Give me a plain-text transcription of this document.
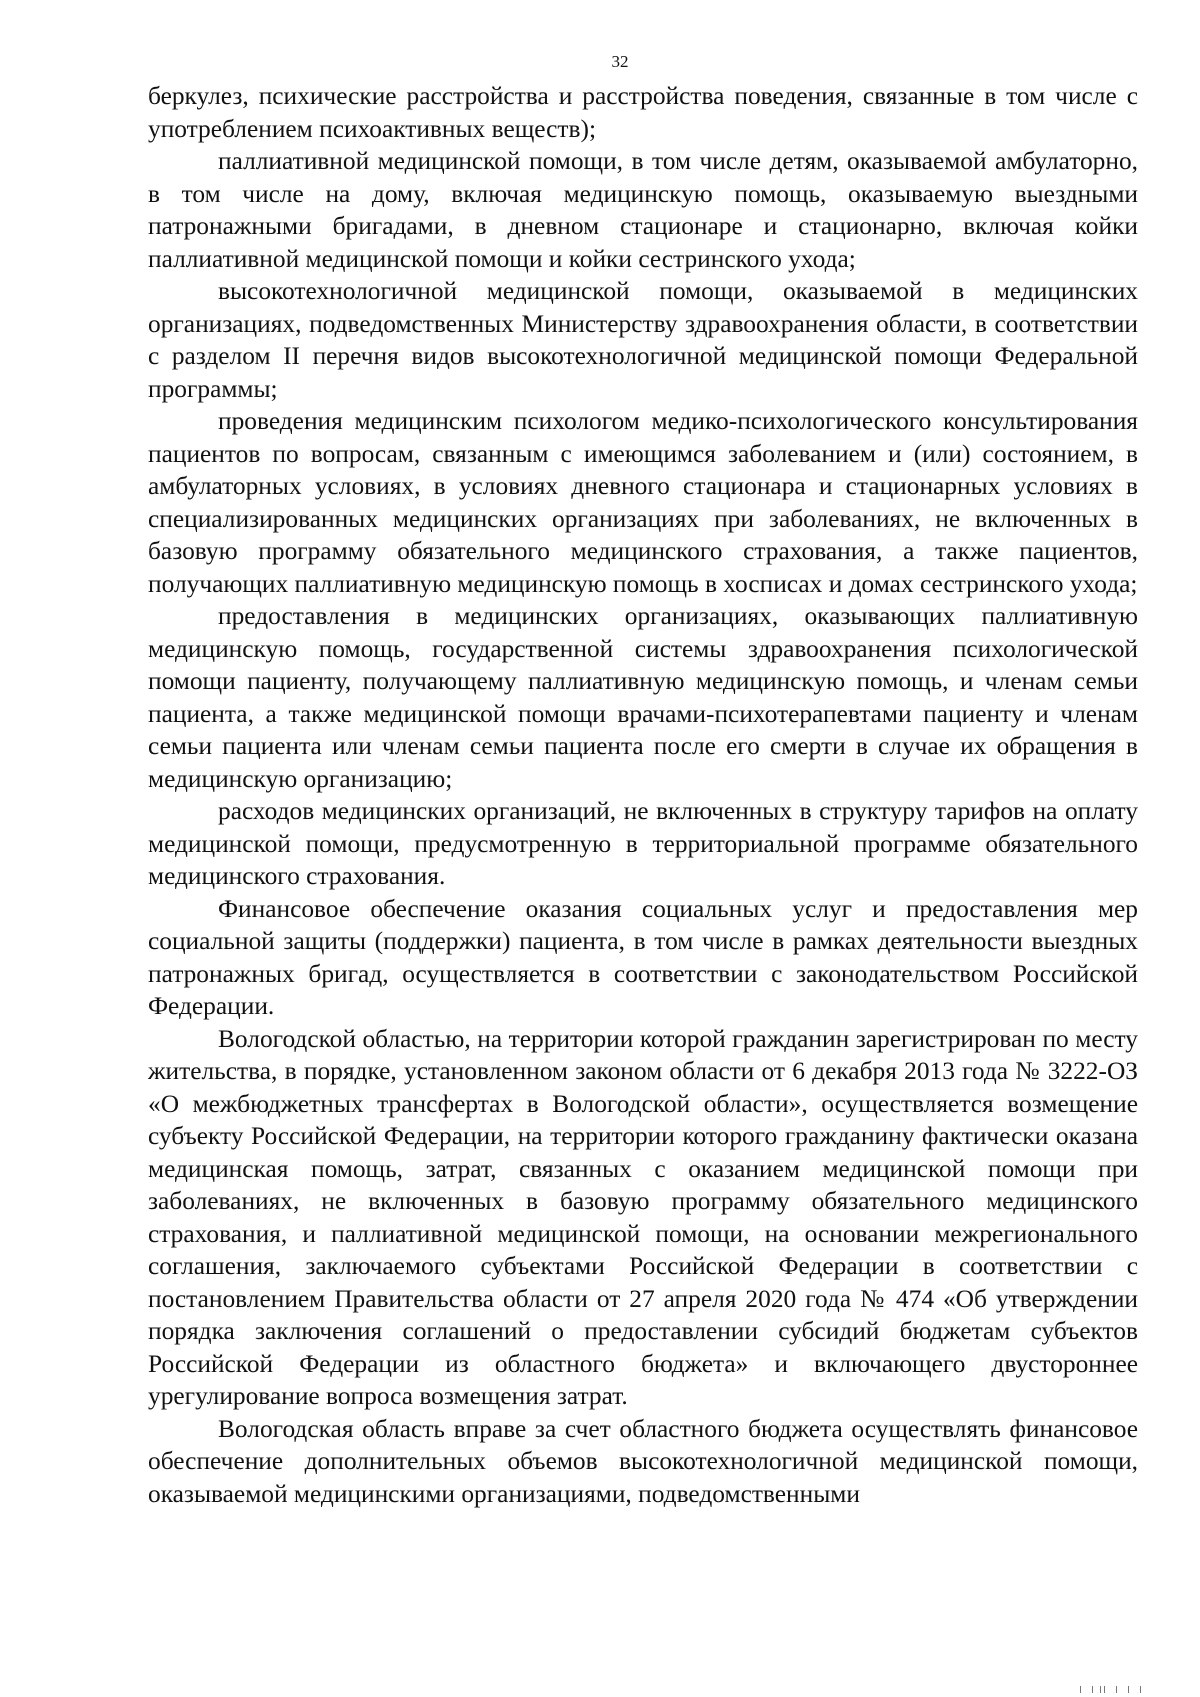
32

беркулез, психические расстройства и расстройства поведения, связанные в том числе с употреблением психоактивных веществ);

паллиативной медицинской помощи, в том числе детям, оказываемой амбулаторно, в том числе на дому, включая медицинскую помощь, оказываемую выездными патронажными бригадами, в дневном стационаре и стационарно, включая койки паллиативной медицинской помощи и койки сестринского ухода;

высокотехнологичной медицинской помощи, оказываемой в медицинских организациях, подведомственных Министерству здравоохранения области, в соответствии с разделом II перечня видов высокотехнологичной медицинской помощи Федеральной программы;

проведения медицинским психологом медико-психологического консультирования пациентов по вопросам, связанным с имеющимся заболеванием и (или) состоянием, в амбулаторных условиях, в условиях дневного стационара и стационарных условиях в специализированных медицинских организациях при заболеваниях, не включенных в базовую программу обязательного медицинского страхования, а также пациентов, получающих паллиативную медицинскую помощь в хосписах и домах сестринского ухода;

предоставления в медицинских организациях, оказывающих паллиативную медицинскую помощь, государственной системы здравоохранения психологической помощи пациенту, получающему паллиативную медицинскую помощь, и членам семьи пациента, а также медицинской помощи врачами-психотерапевтами пациенту и членам семьи пациента или членам семьи пациента после его смерти в случае их обращения в медицинскую организацию;

расходов медицинских организаций, не включенных в структуру тарифов на оплату медицинской помощи, предусмотренную в территориальной программе обязательного медицинского страхования.

Финансовое обеспечение оказания социальных услуг и предоставления мер социальной защиты (поддержки) пациента, в том числе в рамках деятельности выездных патронажных бригад, осуществляется в соответствии с законодательством Российской Федерации.

Вологодской областью, на территории которой гражданин зарегистрирован по месту жительства, в порядке, установленном законом области от 6 декабря 2013 года № 3222-ОЗ «О межбюджетных трансфертах в Вологодской области», осуществляется возмещение субъекту Российской Федерации, на территории которого гражданину фактически оказана медицинская помощь, затрат, связанных с оказанием медицинской помощи при заболеваниях, не включенных в базовую программу обязательного медицинского страхования, и паллиативной медицинской помощи, на основании межрегионального соглашения, заключаемого субъектами Российской Федерации в соответствии с постановлением Правительства области от 27 апреля 2020 года № 474 «Об утверждении порядка заключения соглашений о предоставлении субсидий бюджетам субъектов Российской Федерации из областного бюджета» и включающего двустороннее урегулирование вопроса возмещения затрат.

Вологодская область вправе за счет областного бюджета осуществлять финансовое обеспечение дополнительных объемов высокотехнологичной медицинской помощи, оказываемой медицинскими организациями, подведомственными
